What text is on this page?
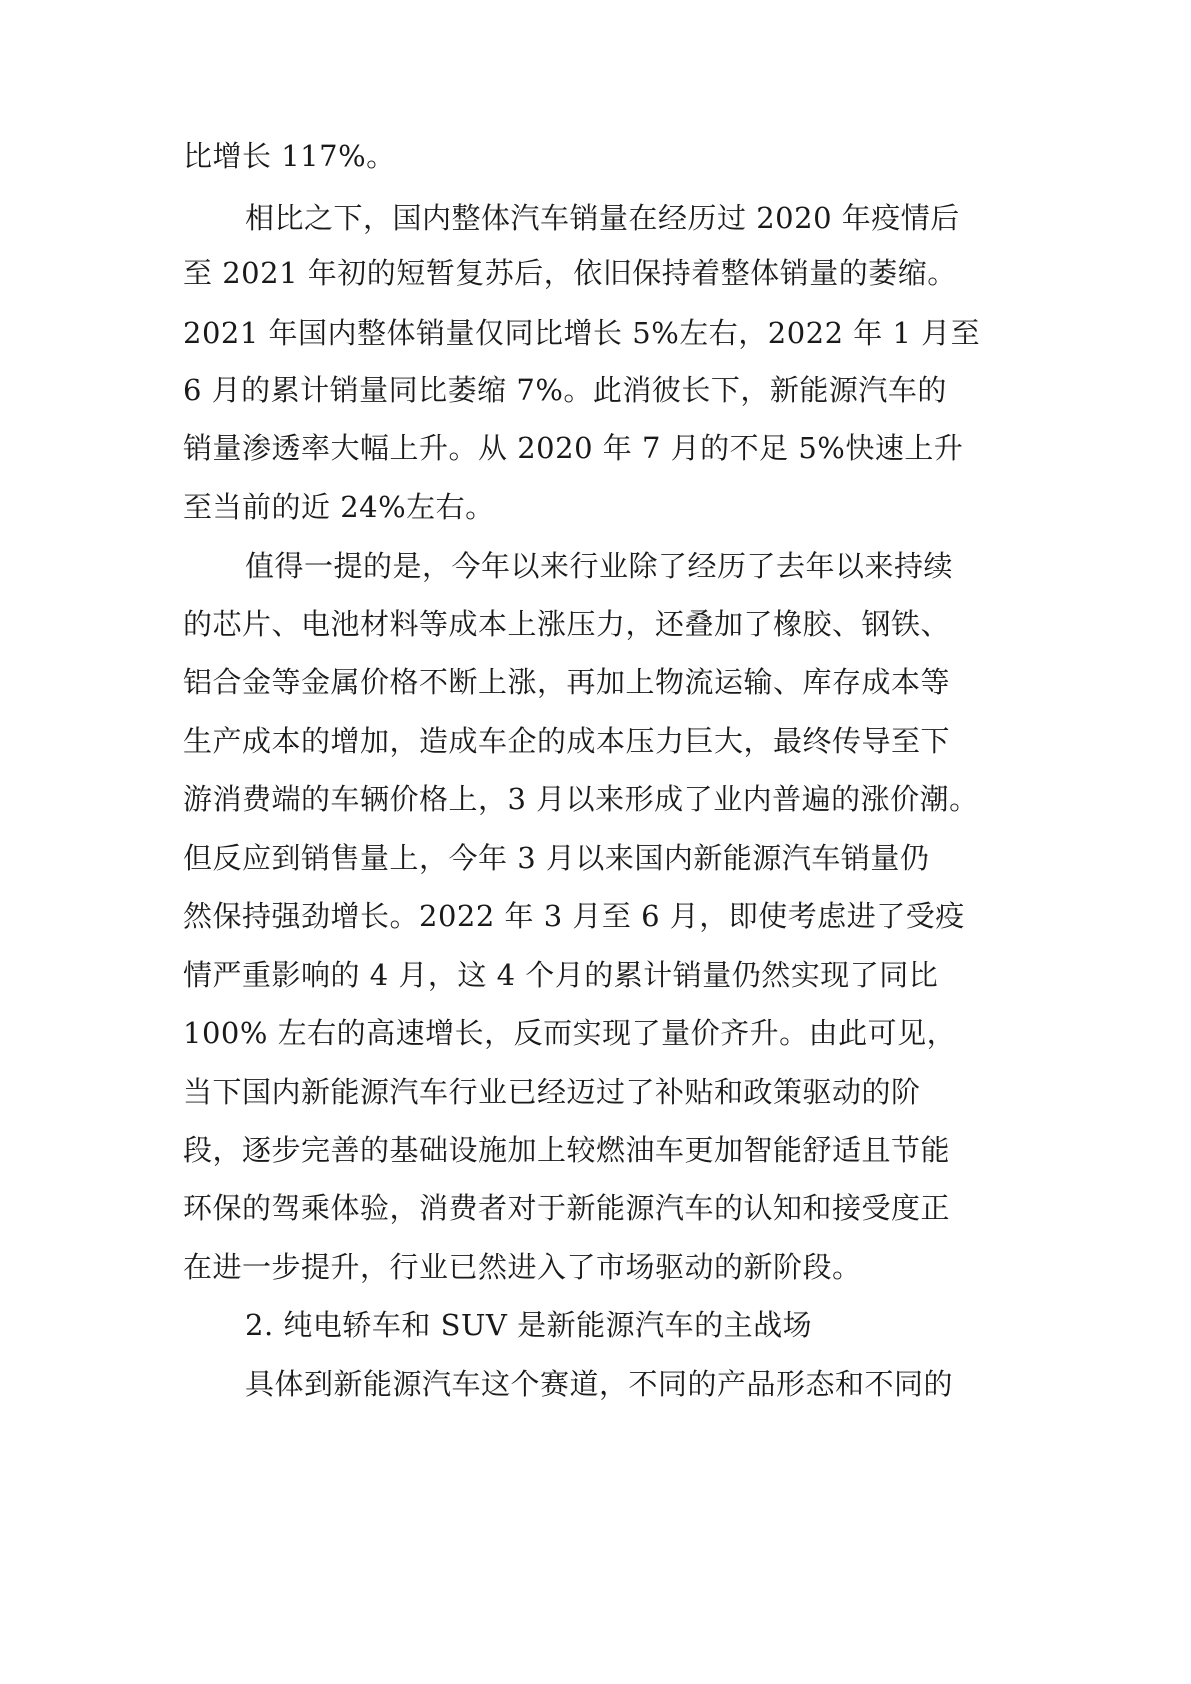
比增长 117%。
相比之下，国内整体汽车销量在经历过 2020 年疫情后
至 2021 年初的短暂复苏后，依旧保持着整体销量的萎缩。
2021 年国内整体销量仅同比增长 5%左右，2022 年 1 月至
6 月的累计销量同比萎缩 7%。此消彼长下，新能源汽车的
销量渗透率大幅上升。从 2020 年 7 月的不足 5%快速上升
至当前的近 24%左右。
值得一提的是，今年以来行业除了经历了去年以来持续
的芯片、电池材料等成本上涨压力，还叠加了橡胶、钢铁、
铝合金等金属价格不断上涨，再加上物流运输、库存成本等
生产成本的增加，造成车企的成本压力巨大，最终传导至下
游消费端的车辆价格上，3 月以来形成了业内普遍的涨价潮。
但反应到销售量上，今年 3 月以来国内新能源汽车销量仍
然保持强劲增长。2022 年 3 月至 6 月，即使考虑进了受疫
情严重影响的 4 月，这 4 个月的累计销量仍然实现了同比
100% 左右的高速增长，反而实现了量价齐升。由此可见，
当下国内新能源汽车行业已经迈过了补贴和政策驱动的阶
段，逐步完善的基础设施加上较燃油车更加智能舒适且节能
环保的驾乘体验，消费者对于新能源汽车的认知和接受度正
在进一步提升，行业已然进入了市场驱动的新阶段。
2. 纯电轿车和 SUV 是新能源汽车的主战场
具体到新能源汽车这个赛道，不同的产品形态和不同的
